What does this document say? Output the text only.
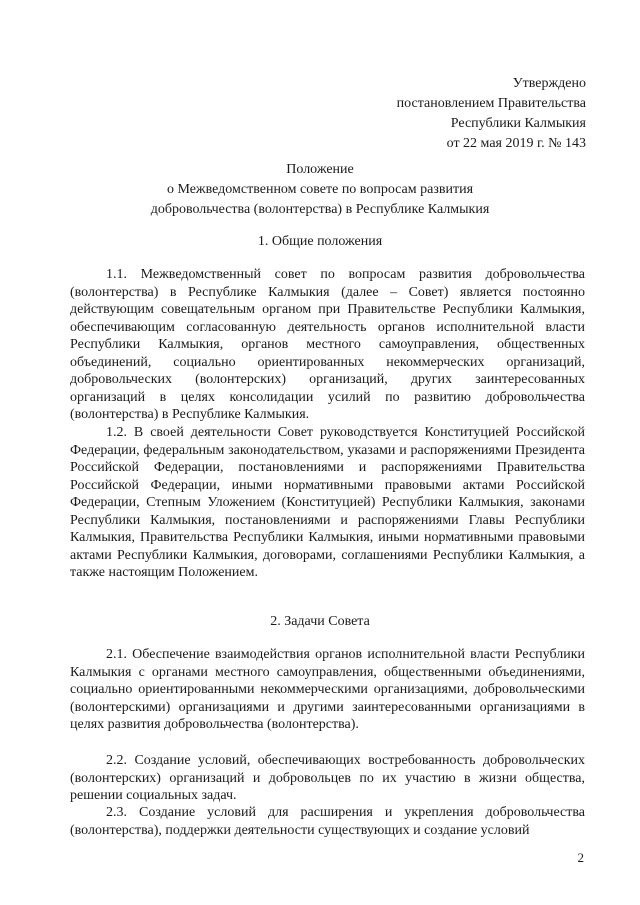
Утверждено
постановлением Правительства
Республики Калмыкия
от 22 мая 2019 г. № 143
Положение
о Межведомственном совете по вопросам развития
добровольчества (волонтерства) в Республике Калмыкия
1. Общие положения

1.1. Межведомственный совет по вопросам развития добровольчества (волонтерства) в Республике Калмыкия (далее – Совет) является постоянно действующим совещательным органом при Правительстве Республики Калмыкия, обеспечивающим согласованную деятельность органов исполнительной власти Республики Калмыкия, органов местного самоуправления, общественных объединений, социально ориентированных некоммерческих организаций, добровольческих (волонтерских) организаций, других заинтересованных организаций в целях консолидации усилий по развитию добровольчества (волонтерства) в Республике Калмыкия.

1.2. В своей деятельности Совет руководствуется Конституцией Российской Федерации, федеральным законодательством, указами и распоряжениями Президента Российской Федерации, постановлениями и распоряжениями Правительства Российской Федерации, иными нормативными правовыми актами Российской Федерации, Степным Уложением (Конституцией) Республики Калмыкия, законами Республики Калмыкия, постановлениями и распоряжениями Главы Республики Калмыкия, Правительства Республики Калмыкия, иными нормативными правовыми актами Республики Калмыкия, договорами, соглашениями Республики Калмыкия, а также настоящим Положением.

2. Задачи Совета

2.1. Обеспечение взаимодействия органов исполнительной власти Республики Калмыкия с органами местного самоуправления, общественными объединениями, социально ориентированными некоммерческими организациями, добровольческими (волонтерскими) организациями и другими заинтересованными организациями в целях развития добровольчества (волонтерства).

2.2. Создание условий, обеспечивающих востребованность добровольческих (волонтерских) организаций и добровольцев по их участию в жизни общества, решении социальных задач.

2.3. Создание условий для расширения и укрепления добровольчества (волонтерства), поддержки деятельности существующих и создание условий

2
